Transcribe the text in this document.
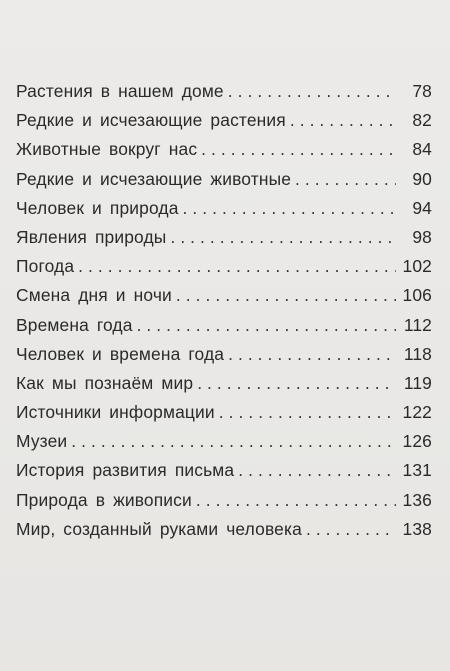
Растения в нашем доме . . .	78
Редкие и исчезающие растения . . .	82
Животные вокруг нас . . .	84
Редкие и исчезающие животные . . .	90
Человек и природа . . .	94
Явления природы . . .	98
Погода . . .	102
Смена дня и ночи . . .	106
Времена года . . .	112
Человек и времена года . . .	118
Как мы познаём мир . . .	119
Источники информации . . .	122
Музеи . . .	126
История развития письма . . .	131
Природа в живописи . . .	136
Мир, созданный руками человека . . .	138
